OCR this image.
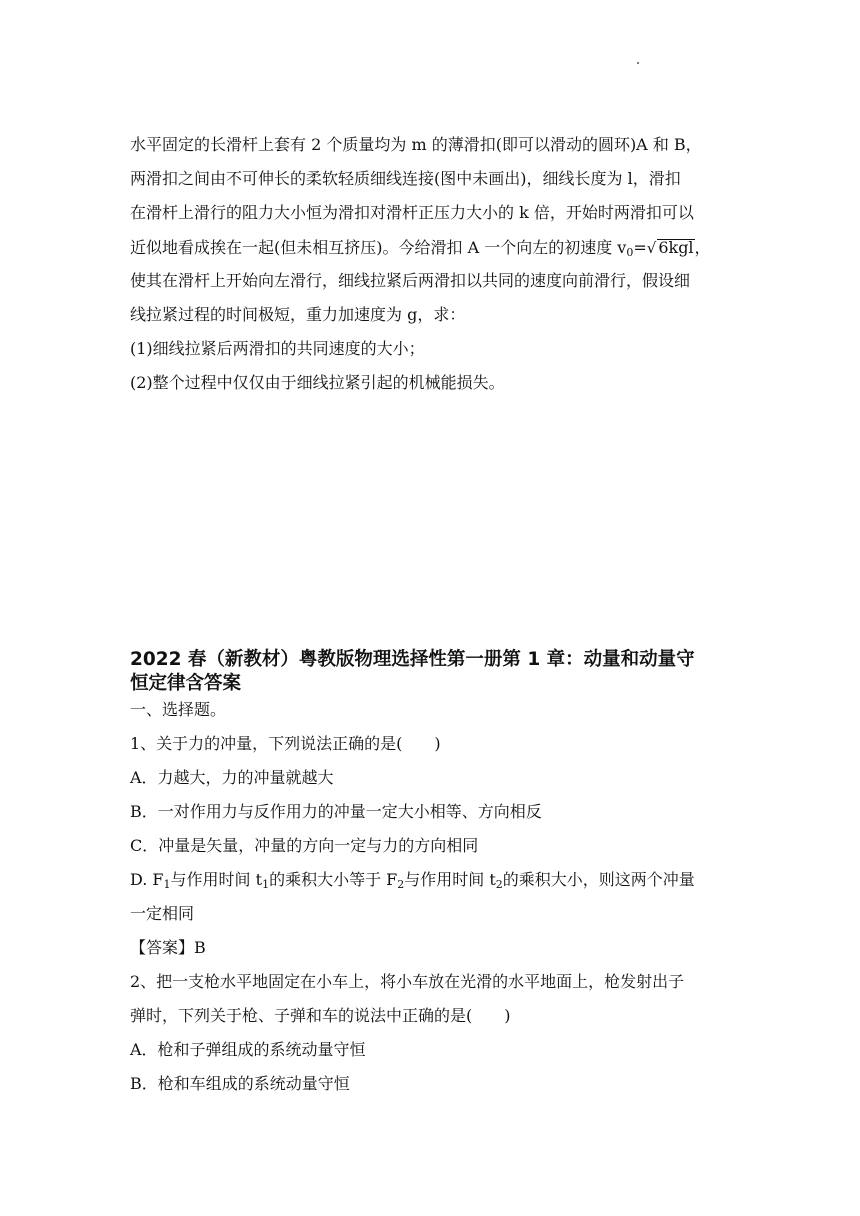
水平固定的长滑杆上套有 2 个质量均为 m 的薄滑扣(即可以滑动的圆环)A 和 B，
两滑扣之间由不可伸长的柔软轻质细线连接(图中未画出)，细线长度为 l，滑扣
在滑杆上滑行的阻力大小恒为滑扣对滑杆正压力大小的 k 倍，开始时两滑扣可以
近似地看成挨在一起(但未相互挤压)。今给滑扣 A 一个向左的初速度 $v_0=√$ 6kgl，
使其在滑杆上开始向左滑行，细线拉紧后两滑扣以共同的速度向前滑行，假设细
线拉紧过程的时间极短，重力加速度为 g，求：
(1)细线拉紧后两滑扣的共同速度的大小；
(2)整个过程中仅仅由于细线拉紧引起的机械能损失。
2022 春（新教材）粤教版物理选择性第一册第 1 章：动量和动量守
恒定律含答案
一、选择题。
1、关于力的冲量，下列说法正确的是(　　)
A．力越大，力的冲量就越大
B．一对作用力与反作用力的冲量一定大小相等、方向相反
C．冲量是矢量，冲量的方向一定与力的方向相同
D. $F_1$与作用时间 $t_1$的乘积大小等于 $F_2$与作用时间 $t_2$的乘积大小，则这两个冲量
一定相同
【答案】B
2、把一支枪水平地固定在小车上，将小车放在光滑的水平地面上，枪发射出子
弹时，下列关于枪、子弹和车的说法中正确的是(　　)
A．枪和子弹组成的系统动量守恒
B．枪和车组成的系统动量守恒
